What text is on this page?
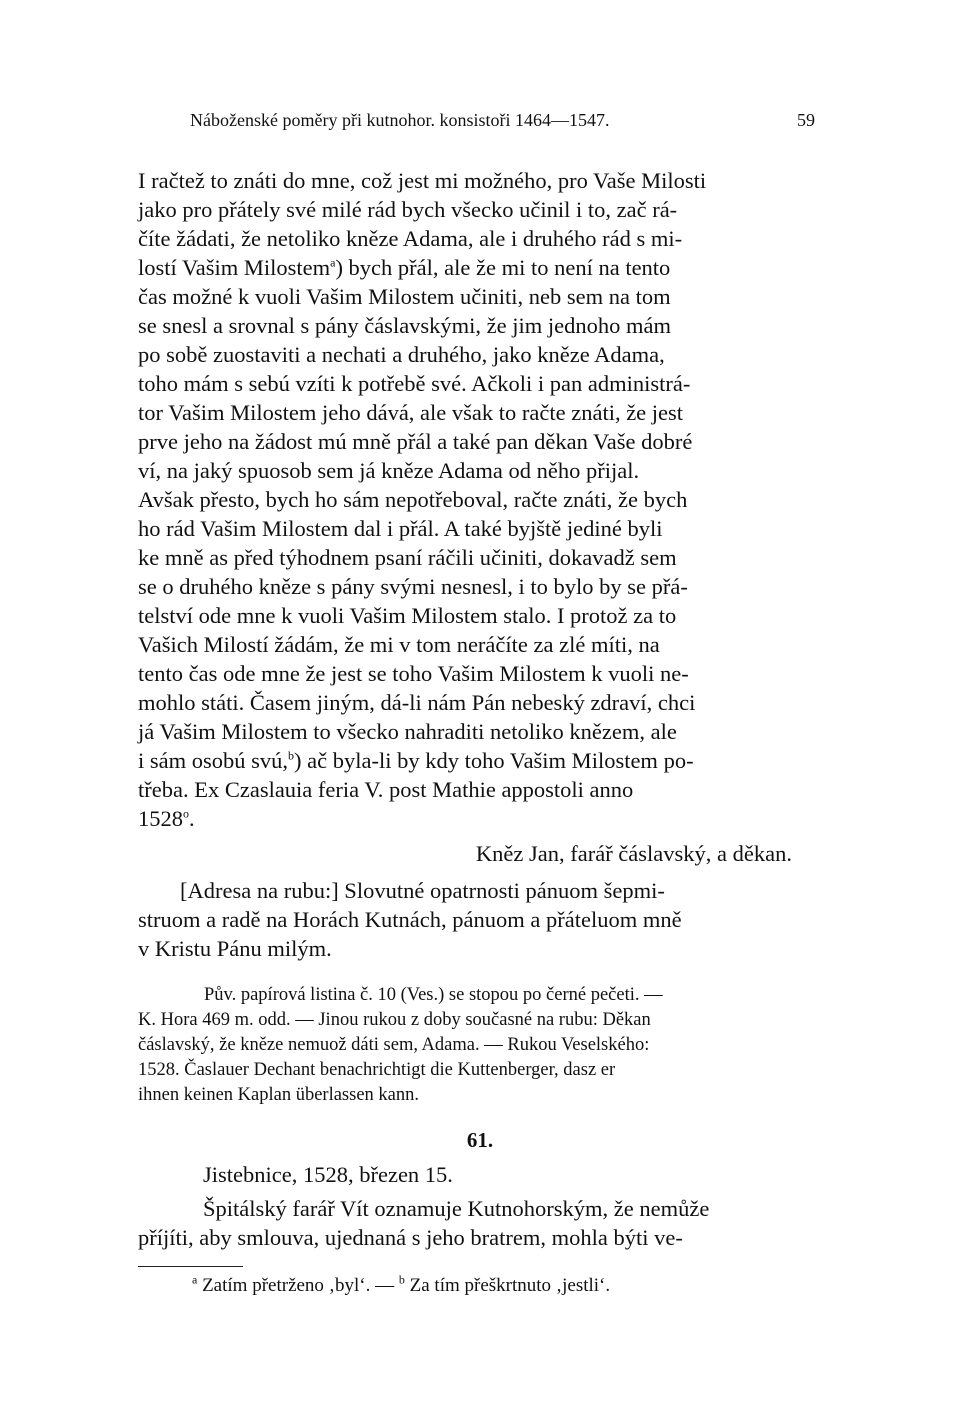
Náboženské poměry při kutnohor. konsistoři 1464—1547.	59
I račtež to znáti do mne, což jest mi možného, pro Vaše Milosti
jako pro přátely své milé rád bych všecko učinil i to, zač rá-
číte žádati, že netoliko kněze Adama, ale i druhého rád s mi-
lostí Vašim Milostem$^a$) bych přál, ale že mi to není na tento
čas možné k vuoli Vašim Milostem učiniti, neb sem na tom
se snesl a srovnal s pány čáslavskými, že jim jednoho mám
po sobě zuostaviti a nechati a druhého, jako kněze Adama,
toho mám s sebú vzíti k potřebě své. Ačkoli i pan administrá-
tor Vašim Milostem jeho dává, ale však to račte znáti, že jest
prve jeho na žádost mú mně přál a také pan děkan Vaše dobré
ví, na jaký spuosob sem já kněze Adama od něho přijal.
Avšak přesto, bych ho sám nepotřeboval, račte znáti, že bych
ho rád Vašim Milostem dal i přál. A také byjště jediné byli
ke mně as před týhodnem psaní ráčili učiniti, dokavadž sem
se o druhého kněze s pány svými nesnesl, i to bylo by se přá-
telství ode mne k vuoli Vašim Milostem stalo. I protož za to
Vašich Milostí žádám, že mi v tom neráčíte za zlé míti, na
tento čas ode mne že jest se toho Vašim Milostem k vuoli ne-
mohlo státi. Časem jiným, dá-li nám Pán nebeský zdraví, chci
já Vašim Milostem to všecko nahraditi netoliko knězem, ale
i sám osobú svú,$^b$) ač byla-li by kdy toho Vašim Milostem po-
třeba. Ex Czaslauia feria V. post Mathie appostoli anno
1528$^o$.
Kněz Jan, farář čáslavský, a děkan.
[Adresa na rubu:] Slovutné opatrnosti pánuom šepmi-
struom a radě na Horách Kutnách, pánuom a přáteluom mně
v Kristu Pánu milým.
Pův. papírová listina č. 10 (Ves.) se stopou po černé pečeti. —
K. Hora 469 m. odd. — Jinou rukou z doby současné na rubu: Děkan
čáslavský, že kněze nemuož dáti sem, Adama. — Rukou Veselského:
1528. Časlauer Dechant benachrichtigt die Kuttenberger, dasz er
ihnen keinen Kaplan überlassen kann.
61.
Jistebnice, 1528, březen 15.
Špitálský farář Vít oznamuje Kutnohorským, že nemůže
příjíti, aby smlouva, ujednaná s jeho bratrem, mohla býti ve-
$^a$ Zatím přetrženo ‚byl‘. — $^b$ Za tím přeškrtnuto ‚jestli‘.
